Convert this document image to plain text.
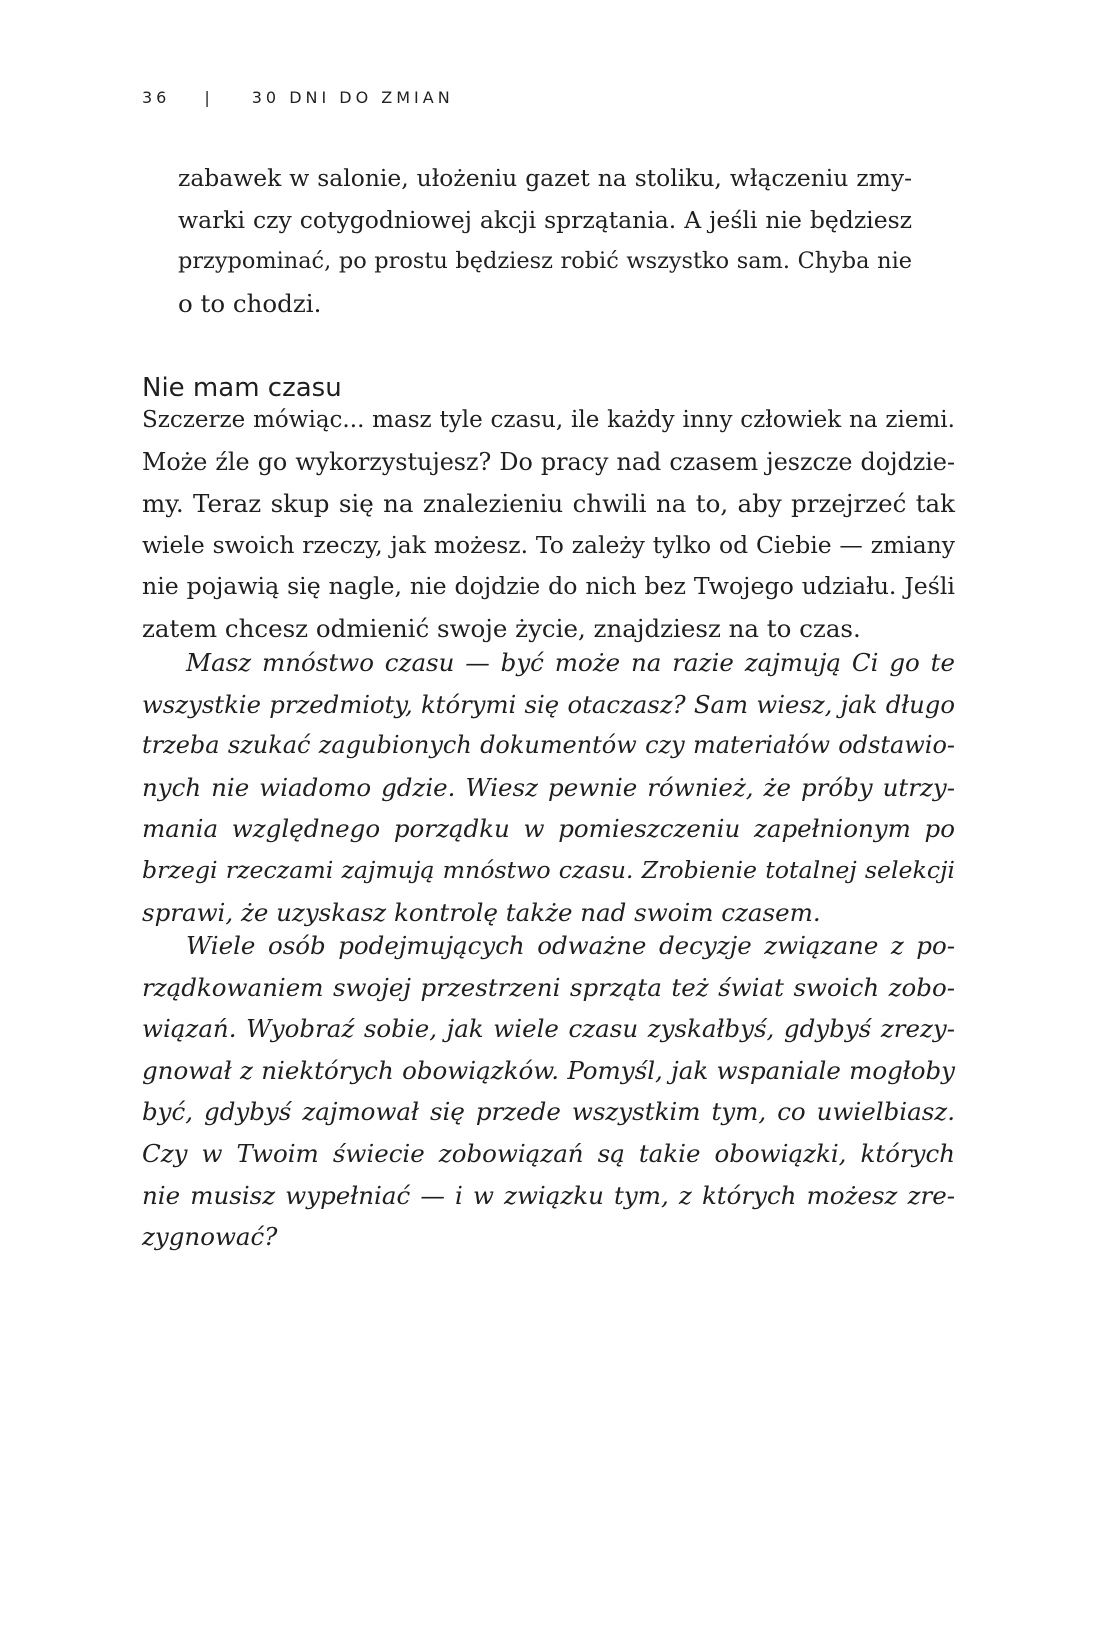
36 | 30 DNI DO ZMIAN
zabawek w salonie, ułożeniu gazet na stoliku, włączeniu zmy-
warki czy cotygodniowej akcji sprzątania. A jeśli nie będziesz
przypominać, po prostu będziesz robić wszystko sam. Chyba nie
o to chodzi.
Nie mam czasu
Szczerze mówiąc... masz tyle czasu, ile każdy inny człowiek na ziemi.
Może źle go wykorzystujesz? Do pracy nad czasem jeszcze dojdzie-
my. Teraz skup się na znalezieniu chwili na to, aby przejrzeć tak
wiele swoich rzeczy, jak możesz. To zależy tylko od Ciebie — zmiany
nie pojawią się nagle, nie dojdzie do nich bez Twojego udziału. Jeśli
zatem chcesz odmienić swoje życie, znajdziesz na to czas.
Masz mnóstwo czasu — być może na razie zajmują Ci go te
wszystkie przedmioty, którymi się otaczasz? Sam wiesz, jak długo
trzeba szukać zagubionych dokumentów czy materiałów odstawio-
nych nie wiadomo gdzie. Wiesz pewnie również, że próby utrzy-
mania względnego porządku w pomieszczeniu zapełnionym po
brzegi rzeczami zajmują mnóstwo czasu. Zrobienie totalnej selekcji
sprawi, że uzyskasz kontrolę także nad swoim czasem.
Wiele osób podejmujących odważne decyzje związane z po-
rządkowaniem swojej przestrzeni sprząta też świat swoich zobo-
wiązań. Wyobraź sobie, jak wiele czasu zyskałbyś, gdybyś zrezy-
gnował z niektórych obowiązków. Pomyśl, jak wspaniale mogłoby
być, gdybyś zajmował się przede wszystkim tym, co uwielbiasz.
Czy w Twoim świecie zobowiązań są takie obowiązki, których
nie musisz wypełniać — i w związku tym, z których możesz zre-
zygnować?
